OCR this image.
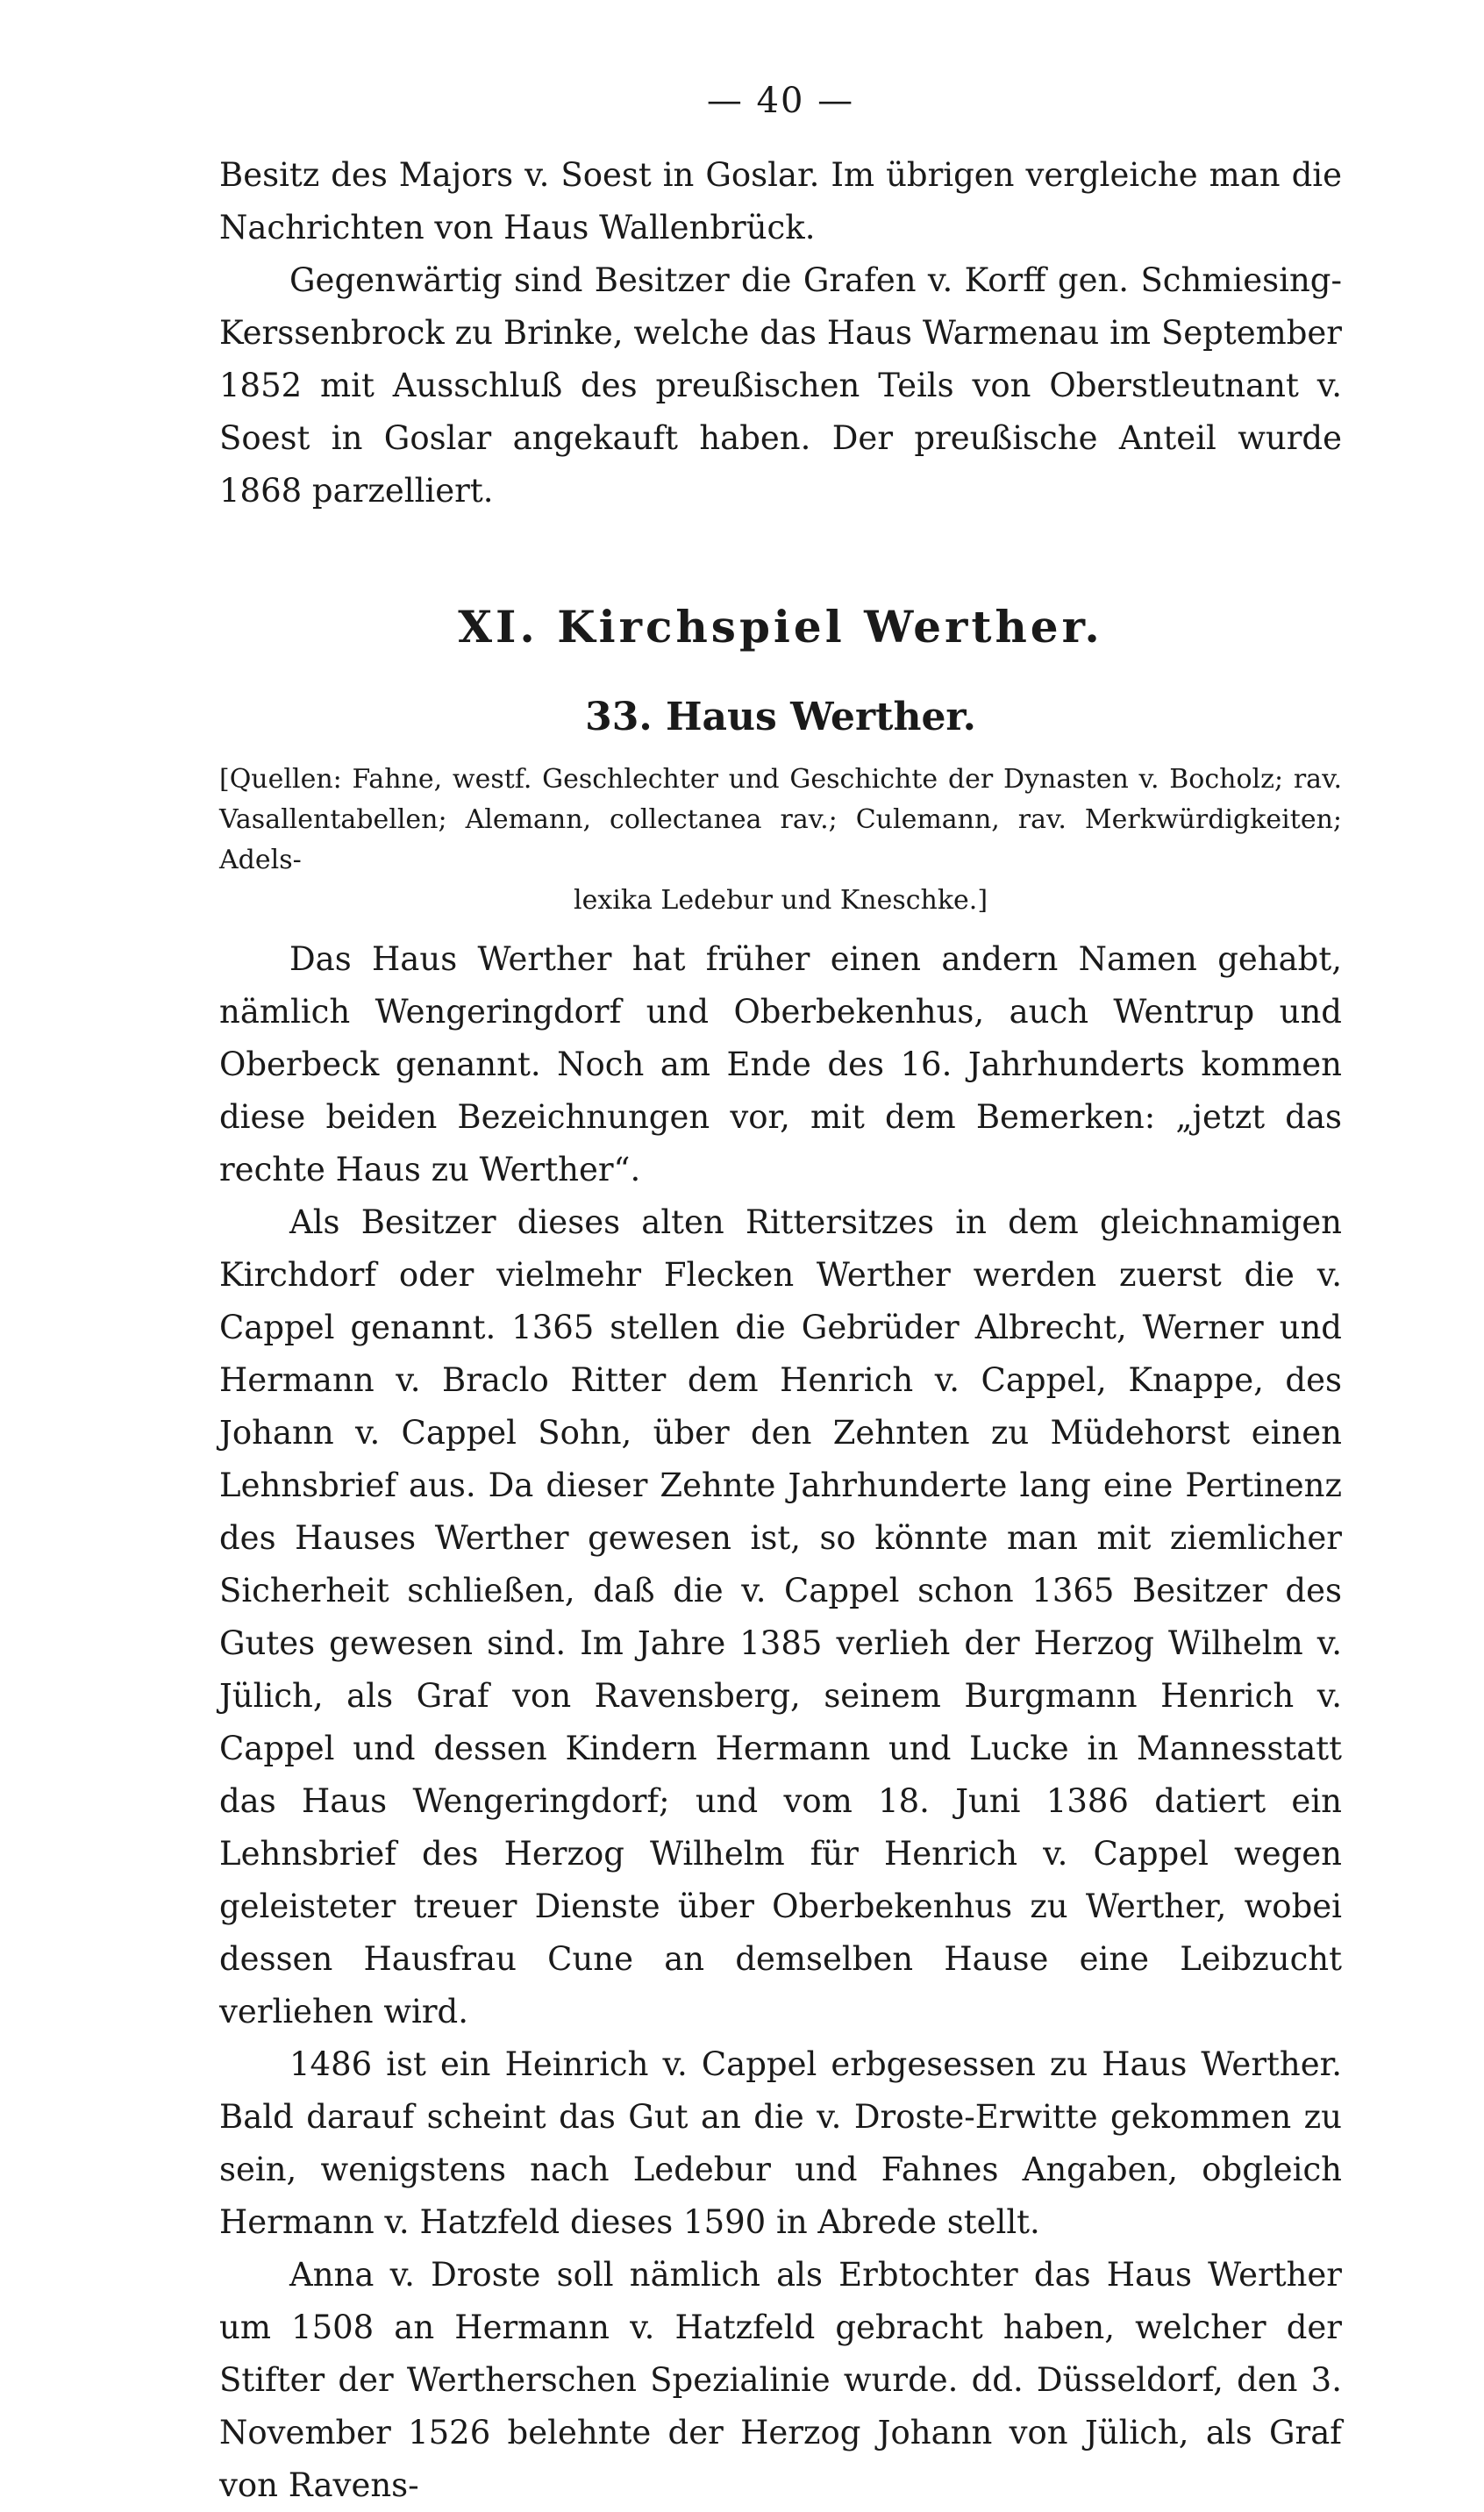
— 40 —

Besitz des Majors v. Soest in Goslar. Im übrigen vergleiche man die Nachrichten von Haus Wallenbrück.

Gegenwärtig sind Besitzer die Grafen v. Korff gen. Schmiesing-Kerssenbrock zu Brinke, welche das Haus Warmenau im September 1852 mit Ausschluß des preußischen Teils von Oberstleutnant v. Soest in Goslar angekauft haben. Der preußische Anteil wurde 1868 parzelliert.

XI. Kirchspiel Werther.
33. Haus Werther.
[Quellen: Fahne, westf. Geschlechter und Geschichte der Dynasten v. Bocholz; rav. Vasallentabellen; Alemann, collectanea rav.; Culemann, rav. Merkwürdigkeiten; Adels-
lexika Ledebur und Kneschke.]

Das Haus Werther hat früher einen andern Namen gehabt, nämlich Wengeringdorf und Oberbekenhus, auch Wentrup und Oberbeck genannt. Noch am Ende des 16. Jahrhunderts kommen diese beiden Bezeichnungen vor, mit dem Bemerken: „jetzt das rechte Haus zu Werther“.

Als Besitzer dieses alten Rittersitzes in dem gleichnamigen Kirchdorf oder vielmehr Flecken Werther werden zuerst die v. Cappel genannt. 1365 stellen die Gebrüder Albrecht, Werner und Hermann v. Braclo Ritter dem Henrich v. Cappel, Knappe, des Johann v. Cappel Sohn, über den Zehnten zu Müdehorst einen Lehnsbrief aus. Da dieser Zehnte Jahrhunderte lang eine Pertinenz des Hauses Werther gewesen ist, so könnte man mit ziemlicher Sicherheit schließen, daß die v. Cappel schon 1365 Besitzer des Gutes gewesen sind. Im Jahre 1385 verlieh der Herzog Wilhelm v. Jülich, als Graf von Ravensberg, seinem Burgmann Henrich v. Cappel und dessen Kindern Hermann und Lucke in Mannesstatt das Haus Wengeringdorf; und vom 18. Juni 1386 datiert ein Lehnsbrief des Herzog Wilhelm für Henrich v. Cappel wegen geleisteter treuer Dienste über Oberbekenhus zu Werther, wobei dessen Hausfrau Cune an demselben Hause eine Leibzucht verliehen wird.

1486 ist ein Heinrich v. Cappel erbgesessen zu Haus Werther. Bald darauf scheint das Gut an die v. Droste-Erwitte gekommen zu sein, wenigstens nach Ledebur und Fahnes Angaben, obgleich Hermann v. Hatzfeld dieses 1590 in Abrede stellt.

Anna v. Droste soll nämlich als Erbtochter das Haus Werther um 1508 an Hermann v. Hatzfeld gebracht haben, welcher der Stifter der Wertherschen Spezialinie wurde. dd. Düsseldorf, den 3. November 1526 belehnte der Herzog Johann von Jülich, als Graf von Ravens-
